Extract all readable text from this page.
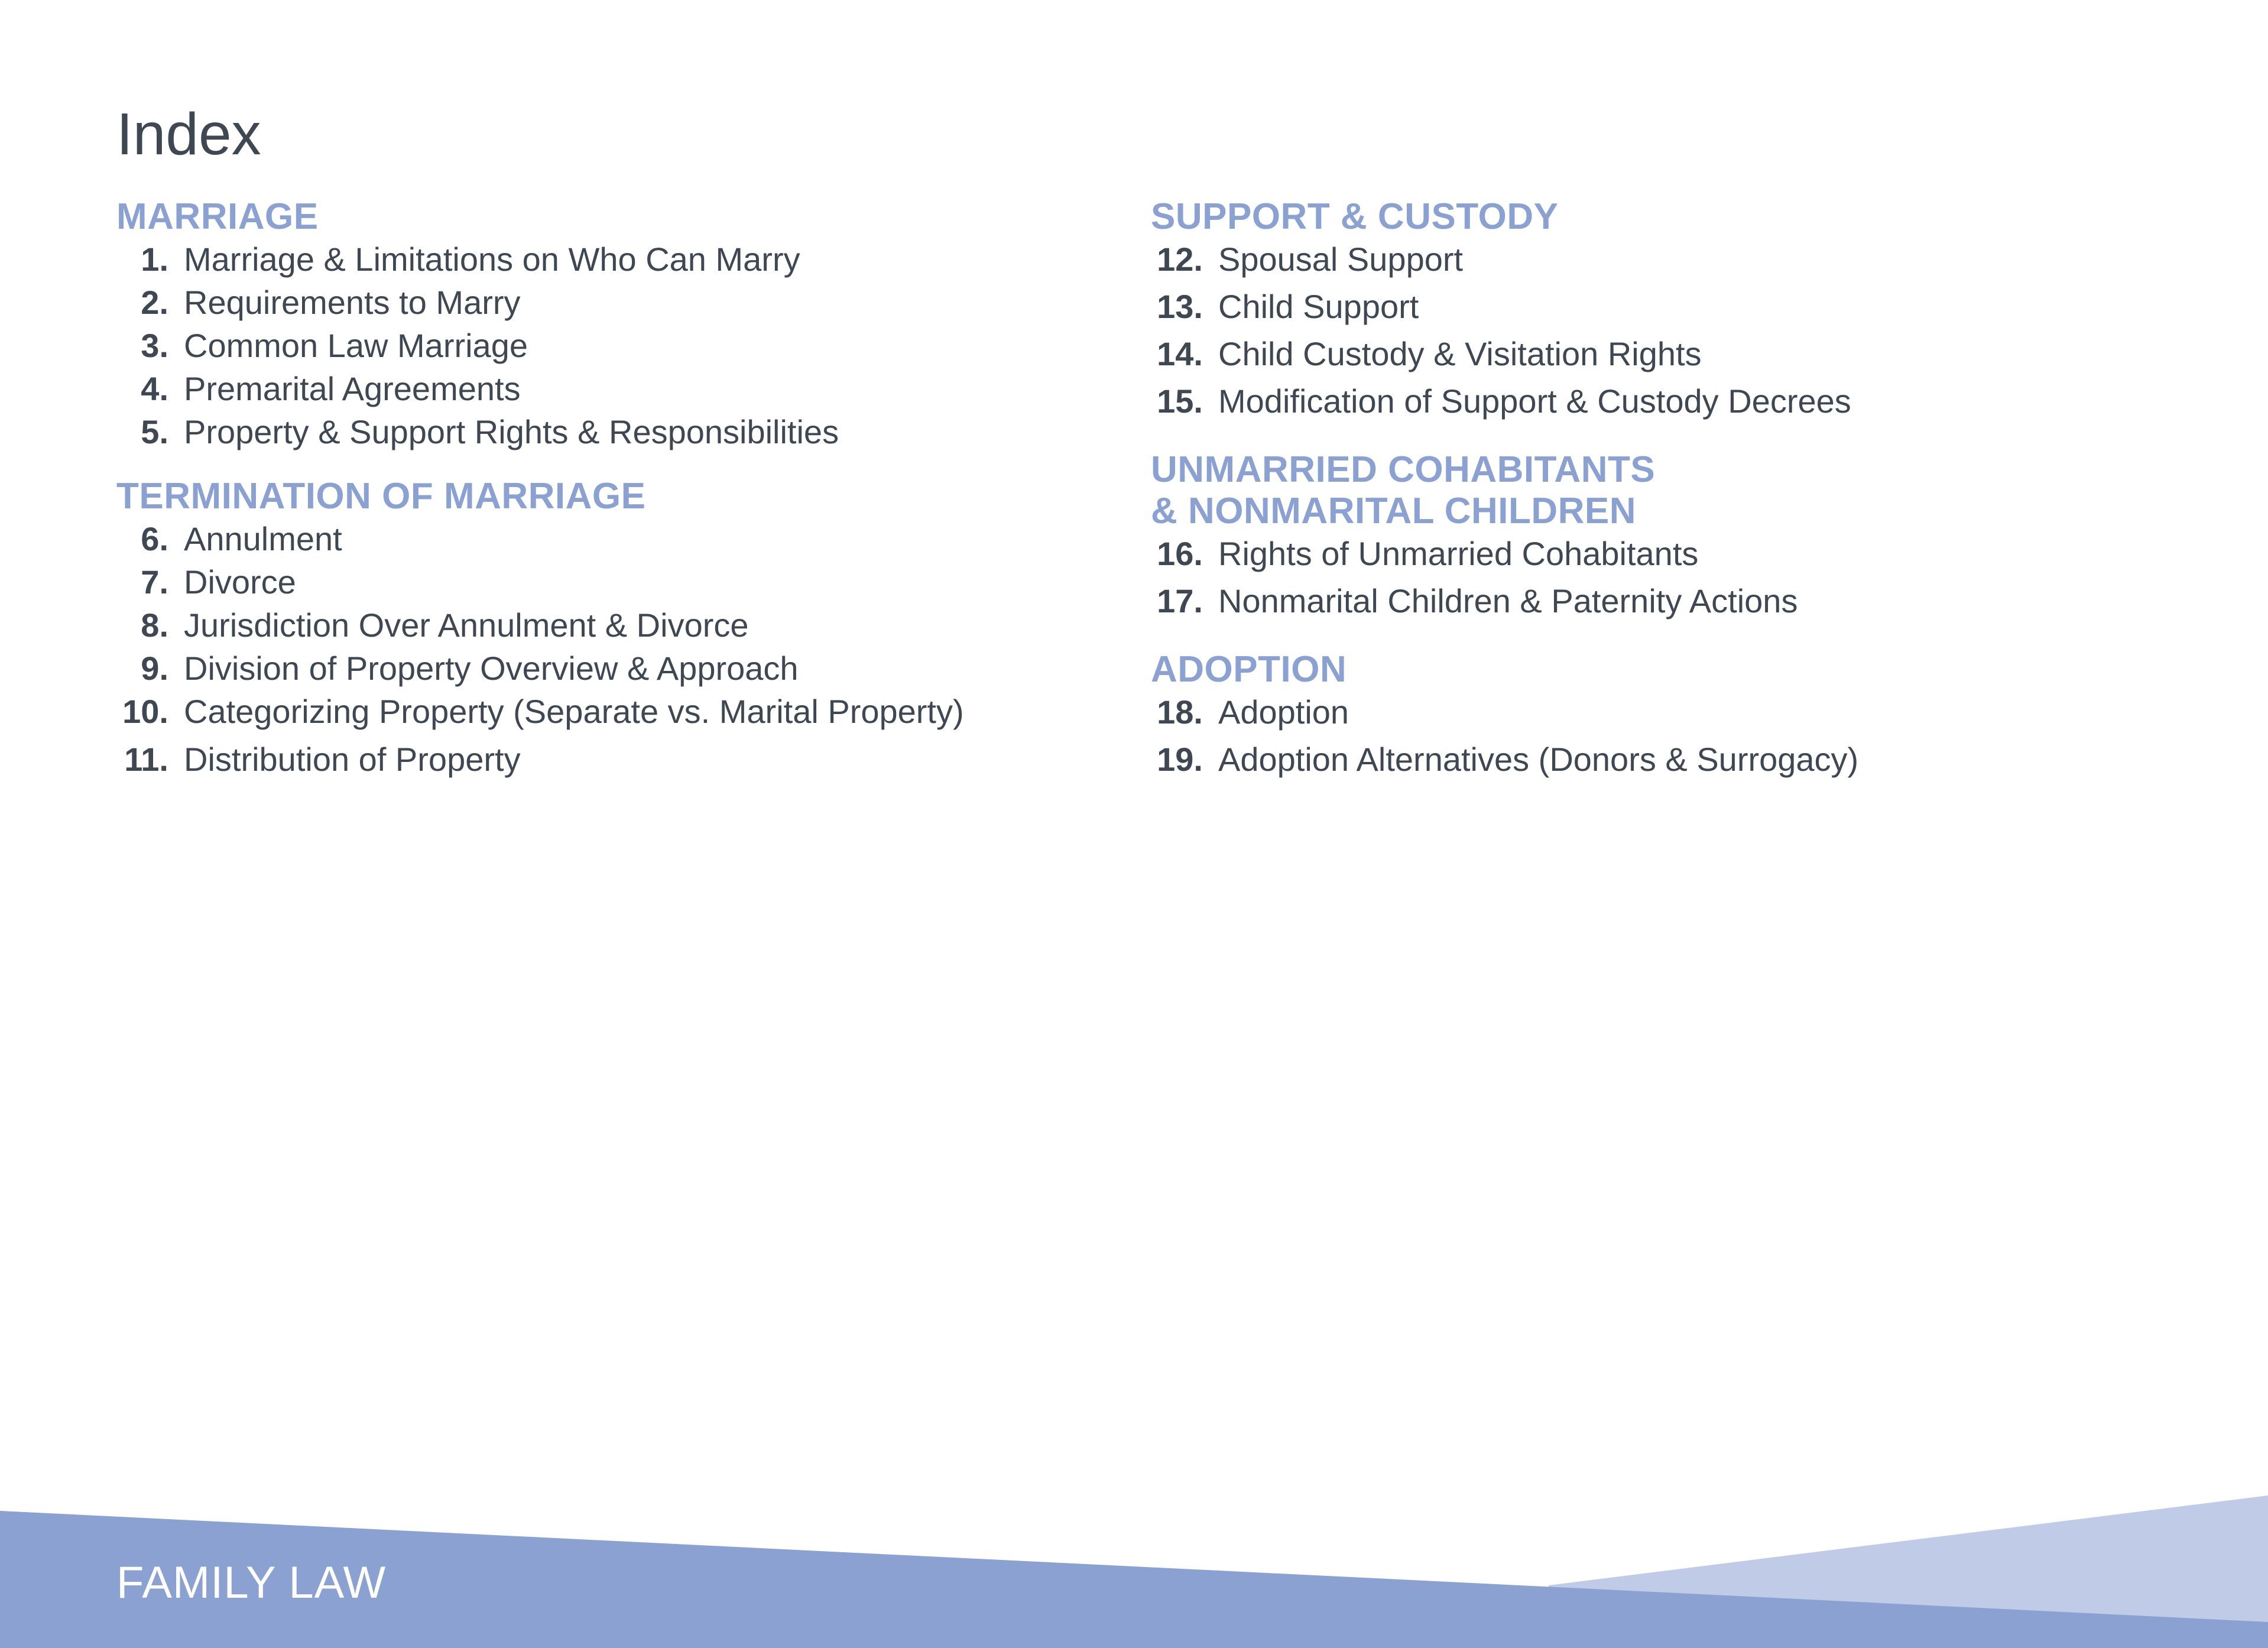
Index
MARRIAGE
1. Marriage & Limitations on Who Can Marry
2. Requirements to Marry
3. Common Law Marriage
4. Premarital Agreements
5. Property & Support Rights & Responsibilities
TERMINATION OF MARRIAGE
6. Annulment
7. Divorce
8. Jurisdiction Over Annulment & Divorce
9. Division of Property Overview & Approach
10. Categorizing Property (Separate vs. Marital Property)
11. Distribution of Property
SUPPORT & CUSTODY
12. Spousal Support
13. Child Support
14. Child Custody & Visitation Rights
15. Modification of Support & Custody Decrees
UNMARRIED COHABITANTS
& NONMARITAL CHILDREN
16. Rights of Unmarried Cohabitants
17. Nonmarital Children & Paternity Actions
ADOPTION
18. Adoption
19. Adoption Alternatives (Donors & Surrogacy)
FAMILY LAW
